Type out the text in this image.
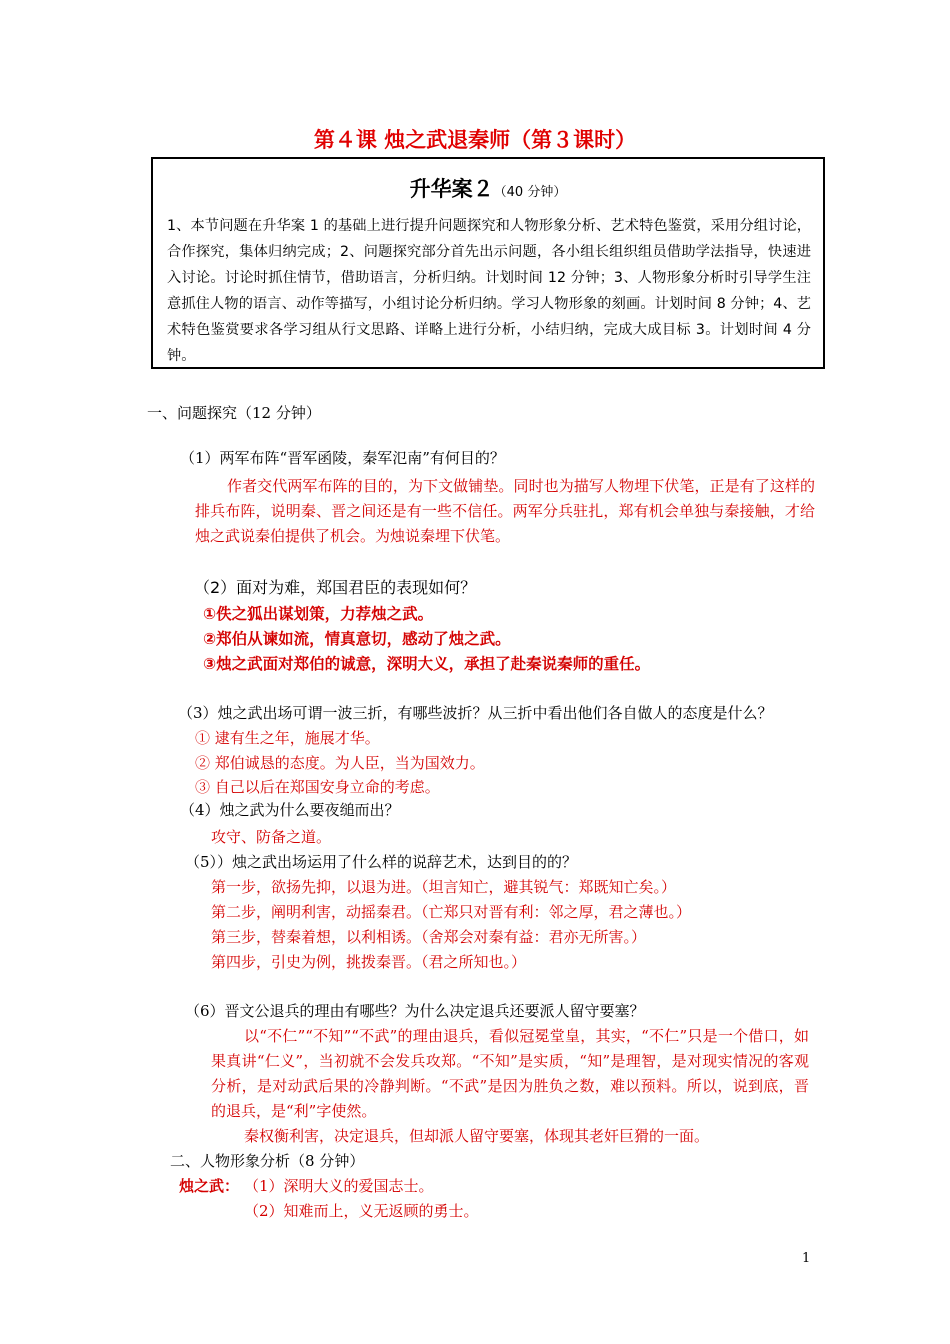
第４课 烛之武退秦师（第３课时）
升华案２（40 分钟）
1、本节问题在升华案 1 的基础上进行提升问题探究和人物形象分析、艺术特色鉴赏，采用分组讨论，合作探究，集体归纳完成；2、问题探究部分首先出示问题，各小组长组织组员借助学法指导，快速进入讨论。讨论时抓住情节，借助语言，分析归纳。计划时间 12 分钟；3、人物形象分析时引导学生注意抓住人物的语言、动作等描写，小组讨论分析归纳。学习人物形象的刻画。计划时间 8 分钟；4、艺术特色鉴赏要求各学习组从行文思路、详略上进行分析，小结归纳，完成大成目标 3。计划时间 4 分钟。
一、问题探究（12 分钟）
（1）两军布阵“晋军函陵，秦军氾南”有何目的？
作者交代两军布阵的目的，为下文做铺垫。同时也为描写人物埋下伏笔，正是有了这样的排兵布阵，说明秦、晋之间还是有一些不信任。两军分兵驻扎，郑有机会单独与秦接触，才给烛之武说秦伯提供了机会。为烛说秦埋下伏笔。
（2）面对为难，郑国君臣的表现如何？
①佚之狐出谋划策，力荐烛之武。
②郑伯从谏如流，情真意切，感动了烛之武。
③烛之武面对郑伯的诚意，深明大义，承担了赴秦说秦师的重任。
（3）烛之武出场可谓一波三折，有哪些波折？从三折中看出他们各自做人的态度是什么？
① 逮有生之年，施展才华。
② 郑伯诚恳的态度。为人臣，当为国效力。
③ 自己以后在郑国安身立命的考虑。
（4）烛之武为什么要夜缒而出？
攻守、防备之道。
（5））烛之武出场运用了什么样的说辞艺术，达到目的的？
第一步，欲扬先抑，以退为进。（坦言知亡，避其锐气：郑既知亡矣。）
第二步，阐明利害，动摇秦君。（亡郑只对晋有利：邻之厚，君之薄也。）
第三步，替秦着想，以利相诱。（舍郑会对秦有益：君亦无所害。）
第四步，引史为例，挑拨秦晋。（君之所知也。）
（6）晋文公退兵的理由有哪些？为什么决定退兵还要派人留守要塞？
以“不仁”“不知”“不武”的理由退兵，看似冠冕堂皇，其实，“不仁”只是一个借口，如果真讲“仁义”，当初就不会发兵攻郑。“不知”是实质，“知”是理智，是对现实情况的客观分析，是对动武后果的冷静判断。“不武”是因为胜负之数，难以预料。所以，说到底，晋的退兵，是“利”字使然。
秦权衡利害，决定退兵，但却派人留守要塞，体现其老奸巨猾的一面。
二、人物形象分析（8 分钟）
烛之武： （1）深明大义的爱国志士。
（2）知难而上，义无返顾的勇士。
1
